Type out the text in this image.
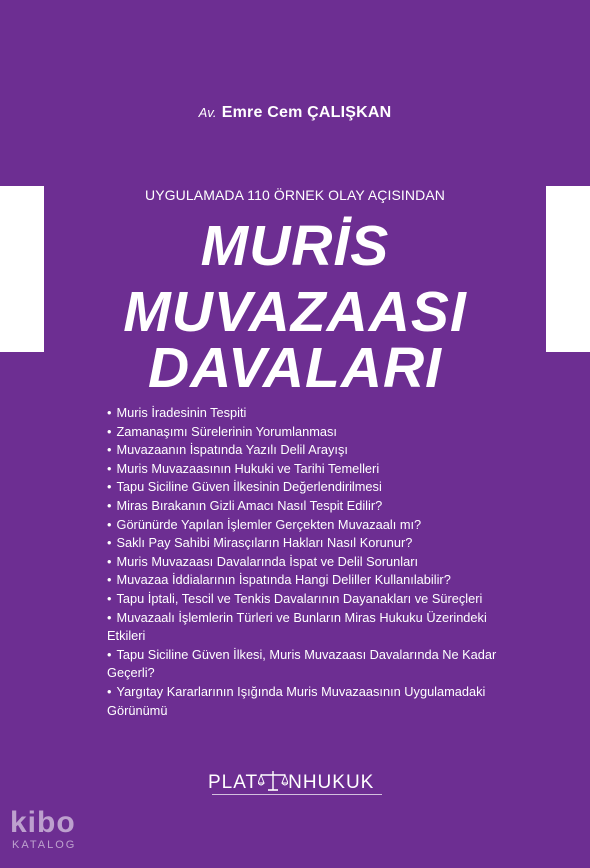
Av. Emre Cem ÇALIŞKAN
UYGULAMADA 110 ÖRNEK OLAY AÇISINDAN
MURİS
MUVAZAASI
DAVALARI
• Muris İradesinin Tespiti
• Zamanaşımı Sürelerinin Yorumlanması
• Muvazaanın İspatında Yazılı Delil Arayışı
• Muris Muvazaasının Hukuki ve Tarihi Temelleri
• Tapu Siciline Güven İlkesinin Değerlendirilmesi
• Miras Bırakanın Gizli Amacı Nasıl Tespit Edilir?
• Görünürde Yapılan İşlemler Gerçekten Muvazaalı mı?
• Saklı Pay Sahibi Mirasçıların Hakları Nasıl Korunur?
• Muris Muvazaası Davalarında İspat ve Delil Sorunları
• Muvazaa İddialarının İspatında Hangi Deliller Kullanılabilir?
• Tapu İptali, Tescil ve Tenkis Davalarının Dayanakları ve Süreçleri
• Muvazaalı İşlemlerin Türleri ve Bunların Miras Hukuku Üzerindeki Etkileri
• Tapu Siciline Güven İlkesi, Muris Muvazaası Davalarında Ne Kadar Geçerli?
• Yargıtay Kararlarının Işığında Muris Muvazaasının Uygulamadaki Görünümü
PLAT NHUKUK
kibo
KATALOG
